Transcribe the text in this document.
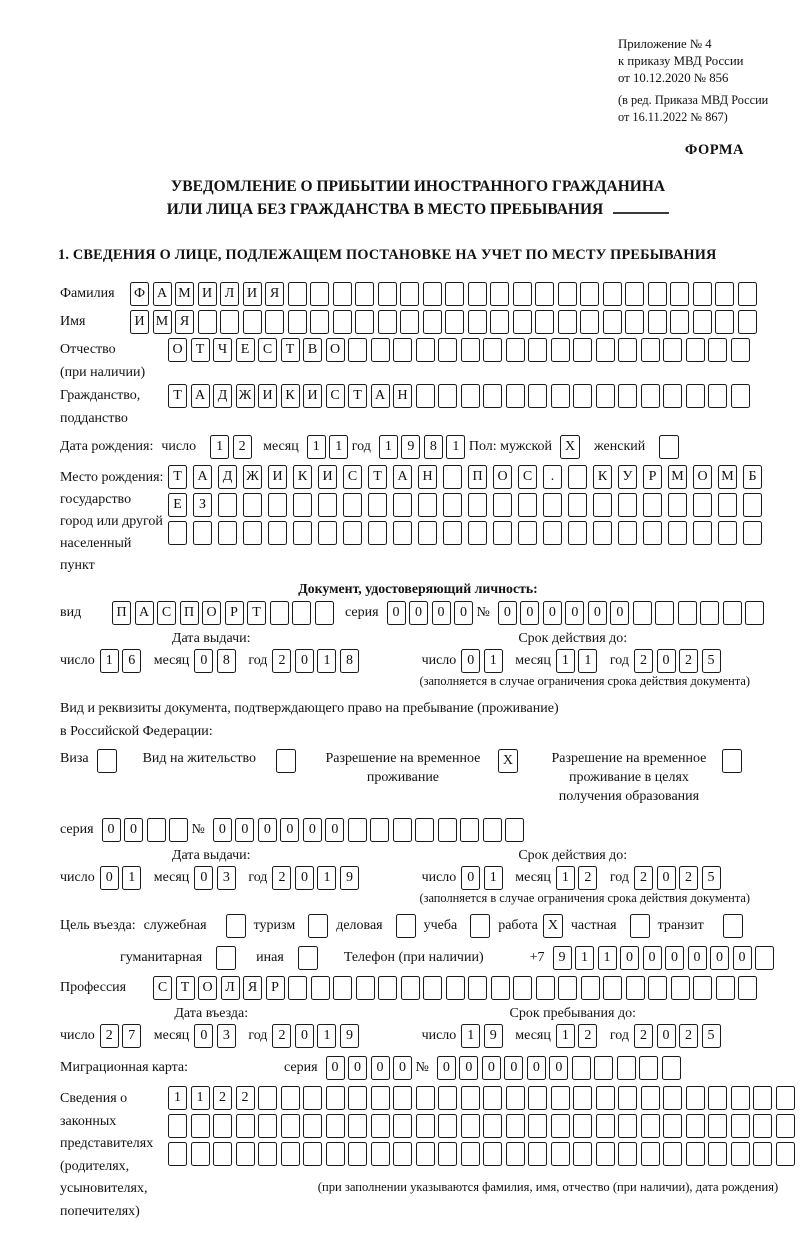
Приложение № 4
к приказу МВД России
от 10.12.2020 № 856
(в ред. Приказа МВД России
от 16.11.2022 № 867)
ФОРМА
УВЕДОМЛЕНИЕ О ПРИБЫТИИ ИНОСТРАННОГО ГРАЖДАНИНА
ИЛИ ЛИЦА БЕЗ ГРАЖДАНСТВА В МЕСТО ПРЕБЫВАНИЯ
1. СВЕДЕНИЯ О ЛИЦЕ, ПОДЛЕЖАЩЕМ ПОСТАНОВКЕ НА УЧЕТ ПО МЕСТУ ПРЕБЫВАНИЯ
Фамилия	Ф А М И Л И Я
Имя	И М Я
Отчество	О Т Ч Е С Т В О
(при наличии)
Гражданство,	Т А Д Ж И К И С Т А Н
подданство
Дата рождения: число	1	2	месяц	1	1 год	1	9	8	1 Пол: мужской X	женский
Место рождения:
государство
город или другой
населенный пункт
Т	А	Д Ж И	К	И	С	Т	А	Н	П	О	С	.	К	У	Р	М О М	Б
Е	З
Документ, удостоверяющий личность:
вид	П А С П О Р	Т	серия	0	0	0	0 №	0	0	0	0	0	0
Дата выдачи:
число 1	6	месяц 0	8	год 2	0	1	8
Срок действия до:
число 0	1	месяц 1	1	год 2	0	2	5
(заполняется в случае ограничения срока действия документа)
Вид и реквизиты документа, подтверждающего право на пребывание (проживание)
в Российской Федерации:
Виза	Вид на жительство	Разрешение на временное проживание
X	Разрешение на временное проживание в целях получения образования
серия	0	0	№	0	0	0	0	0	0
Дата выдачи:
число 0	1	месяц 0	3	год 2	0	1	9
Срок действия до:
число 0	1	месяц 1	2	год 2	0	2	5
(заполняется в случае ограничения срока действия документа)
Цель въезда: служебная	туризм	деловая	учеба	работа X частная	транзит
гуманитарная	иная	Телефон (при наличии)	+7	9	1	1	0	0	0	0	0	0
Профессия	С Т О Л Я Р
Дата въезда:
число 2	7	месяц 0	3	год 2	0	1	9
Срок пребывания до:
число 1	9	месяц 1	2	год 2	0	2	5
Миграционная карта:	серия	0	0	0	0 №	0	0	0	0	0	0
Сведения о
законных
представителях
(родителях,
усыновителях,
попечителях)
1	1	2	2
(при заполнении указываются фамилия, имя, отчество (при наличии), дата рождения)
